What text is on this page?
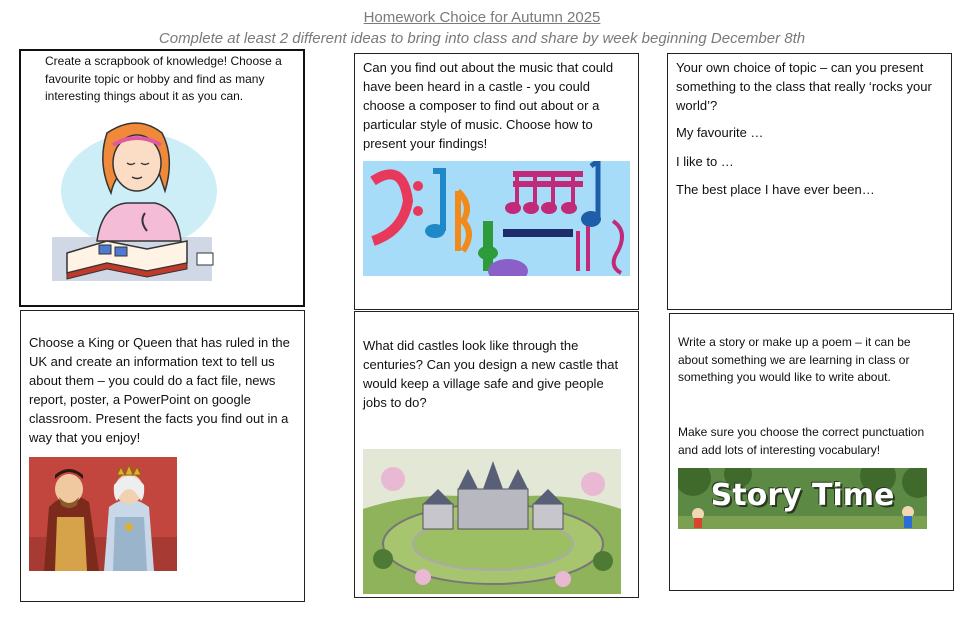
Homework Choice for Autumn 2025
Complete at least 2 different ideas to bring into class and share by week beginning December 8th

Create a scrapbook of knowledge! Choose a favourite topic or hobby and find as many interesting things about it as you can.

Can you find out about the music that could have been heard in a castle - you could choose a composer to find out about or a particular style of music. Choose how to present your findings!

Your own choice of topic – can you present something to the class that really ‘rocks your world’?

My favourite …

I like to …

The best place I have ever been…

Choose a King or Queen that has ruled in the UK and create an information text to tell us about them – you could do a fact file, news report, poster, a PowerPoint on google classroom. Present the facts you find out in a way that you enjoy!

What did castles look like through the centuries? Can you design a new castle that would keep a village safe and give people jobs to do?

Write a story or make up a poem – it can be about something we are learning in class or something you would like to write about.

Make sure you choose the correct punctuation and add lots of interesting vocabulary!

Story Time
